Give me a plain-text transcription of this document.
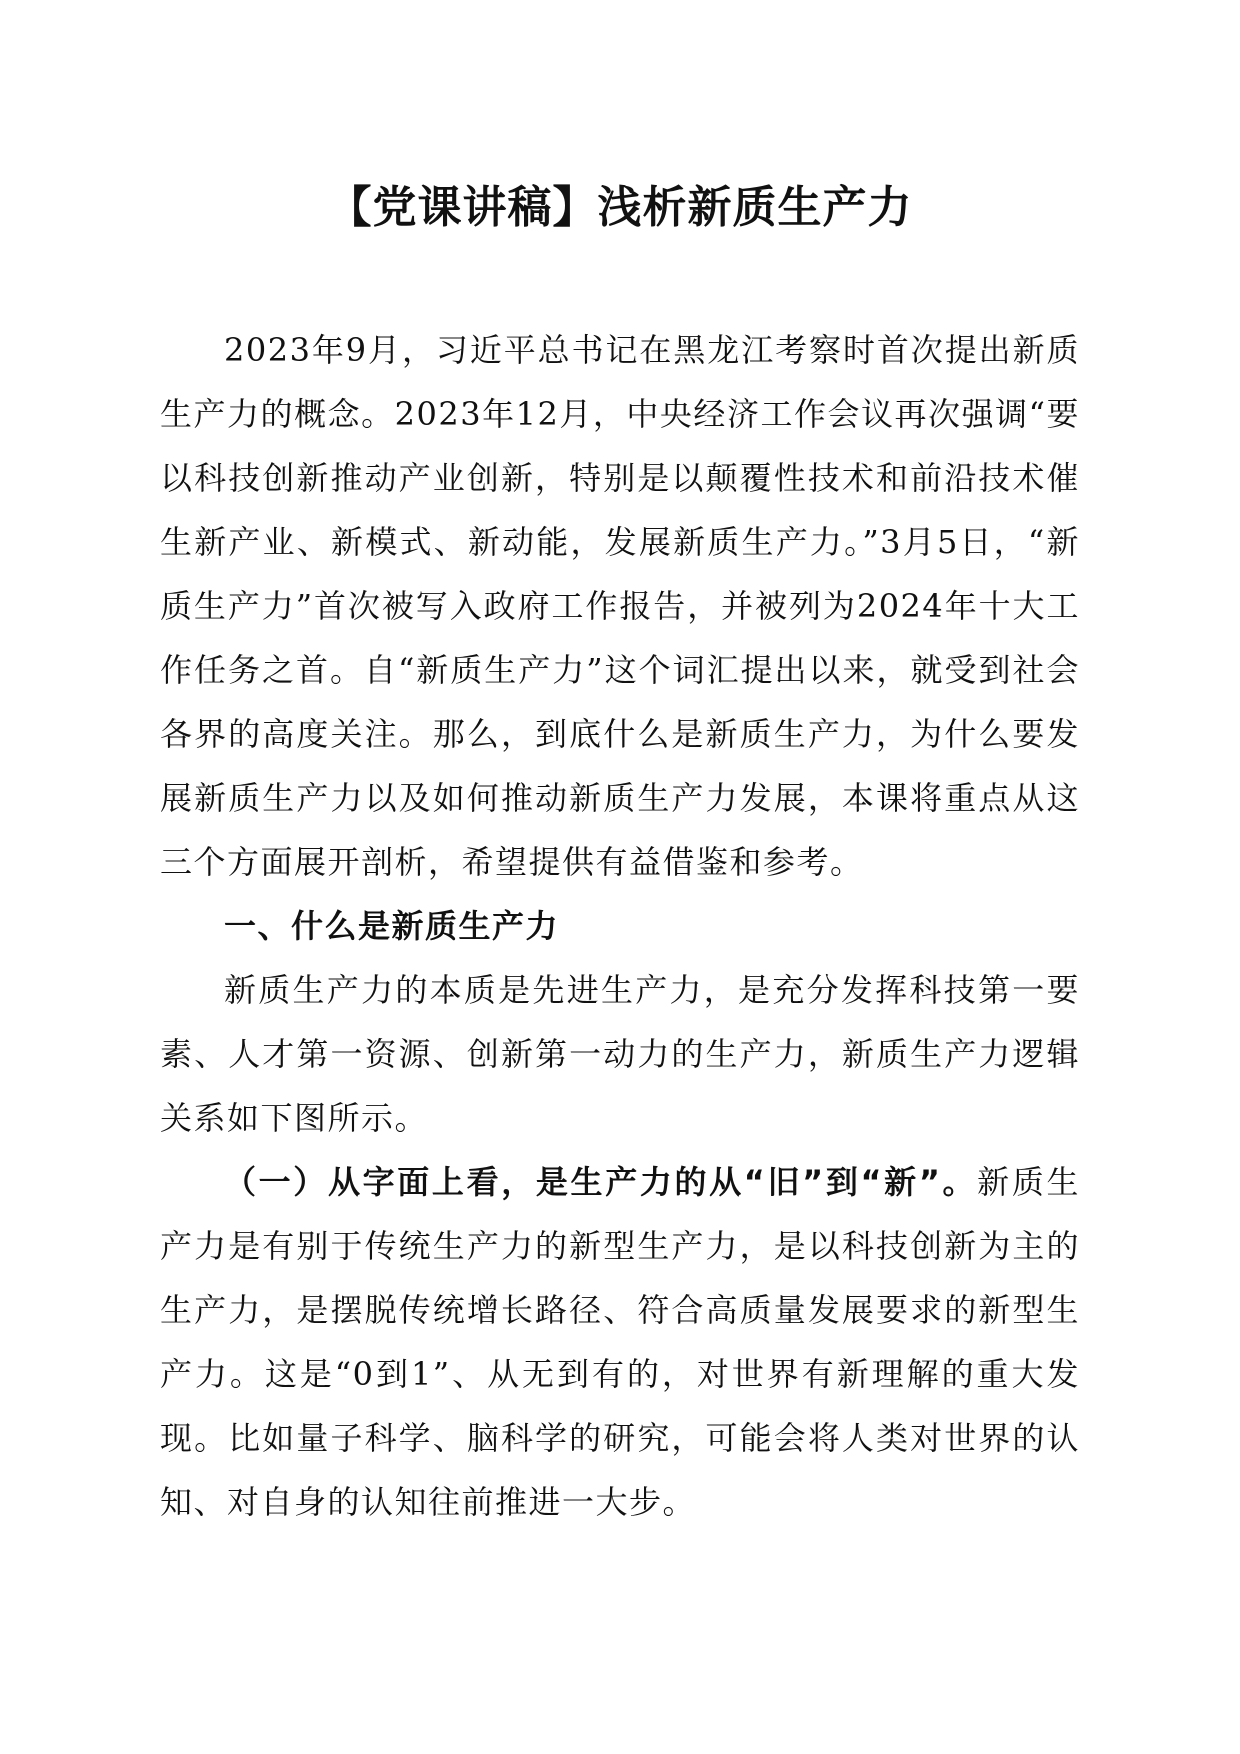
【党课讲稿】浅析新质生产力

2023年9月，习近平总书记在黑龙江考察时首次提出新质生产力的概念。2023年12月，中央经济工作会议再次强调“要以科技创新推动产业创新，特别是以颠覆性技术和前沿技术催生新产业、新模式、新动能，发展新质生产力。”3月5日，“新质生产力”首次被写入政府工作报告，并被列为2024年十大工作任务之首。自“新质生产力”这个词汇提出以来，就受到社会各界的高度关注。那么，到底什么是新质生产力，为什么要发展新质生产力以及如何推动新质生产力发展，本课将重点从这三个方面展开剖析，希望提供有益借鉴和参考。

一、什么是新质生产力

新质生产力的本质是先进生产力，是充分发挥科技第一要素、人才第一资源、创新第一动力的生产力，新质生产力逻辑关系如下图所示。

（一）从字面上看，是生产力的从“旧”到“新”。新质生产力是有别于传统生产力的新型生产力，是以科技创新为主的生产力，是摆脱传统增长路径、符合高质量发展要求的新型生产力。这是“0到1”、从无到有的，对世界有新理解的重大发现。比如量子科学、脑科学的研究，可能会将人类对世界的认知、对自身的认知往前推进一大步。
